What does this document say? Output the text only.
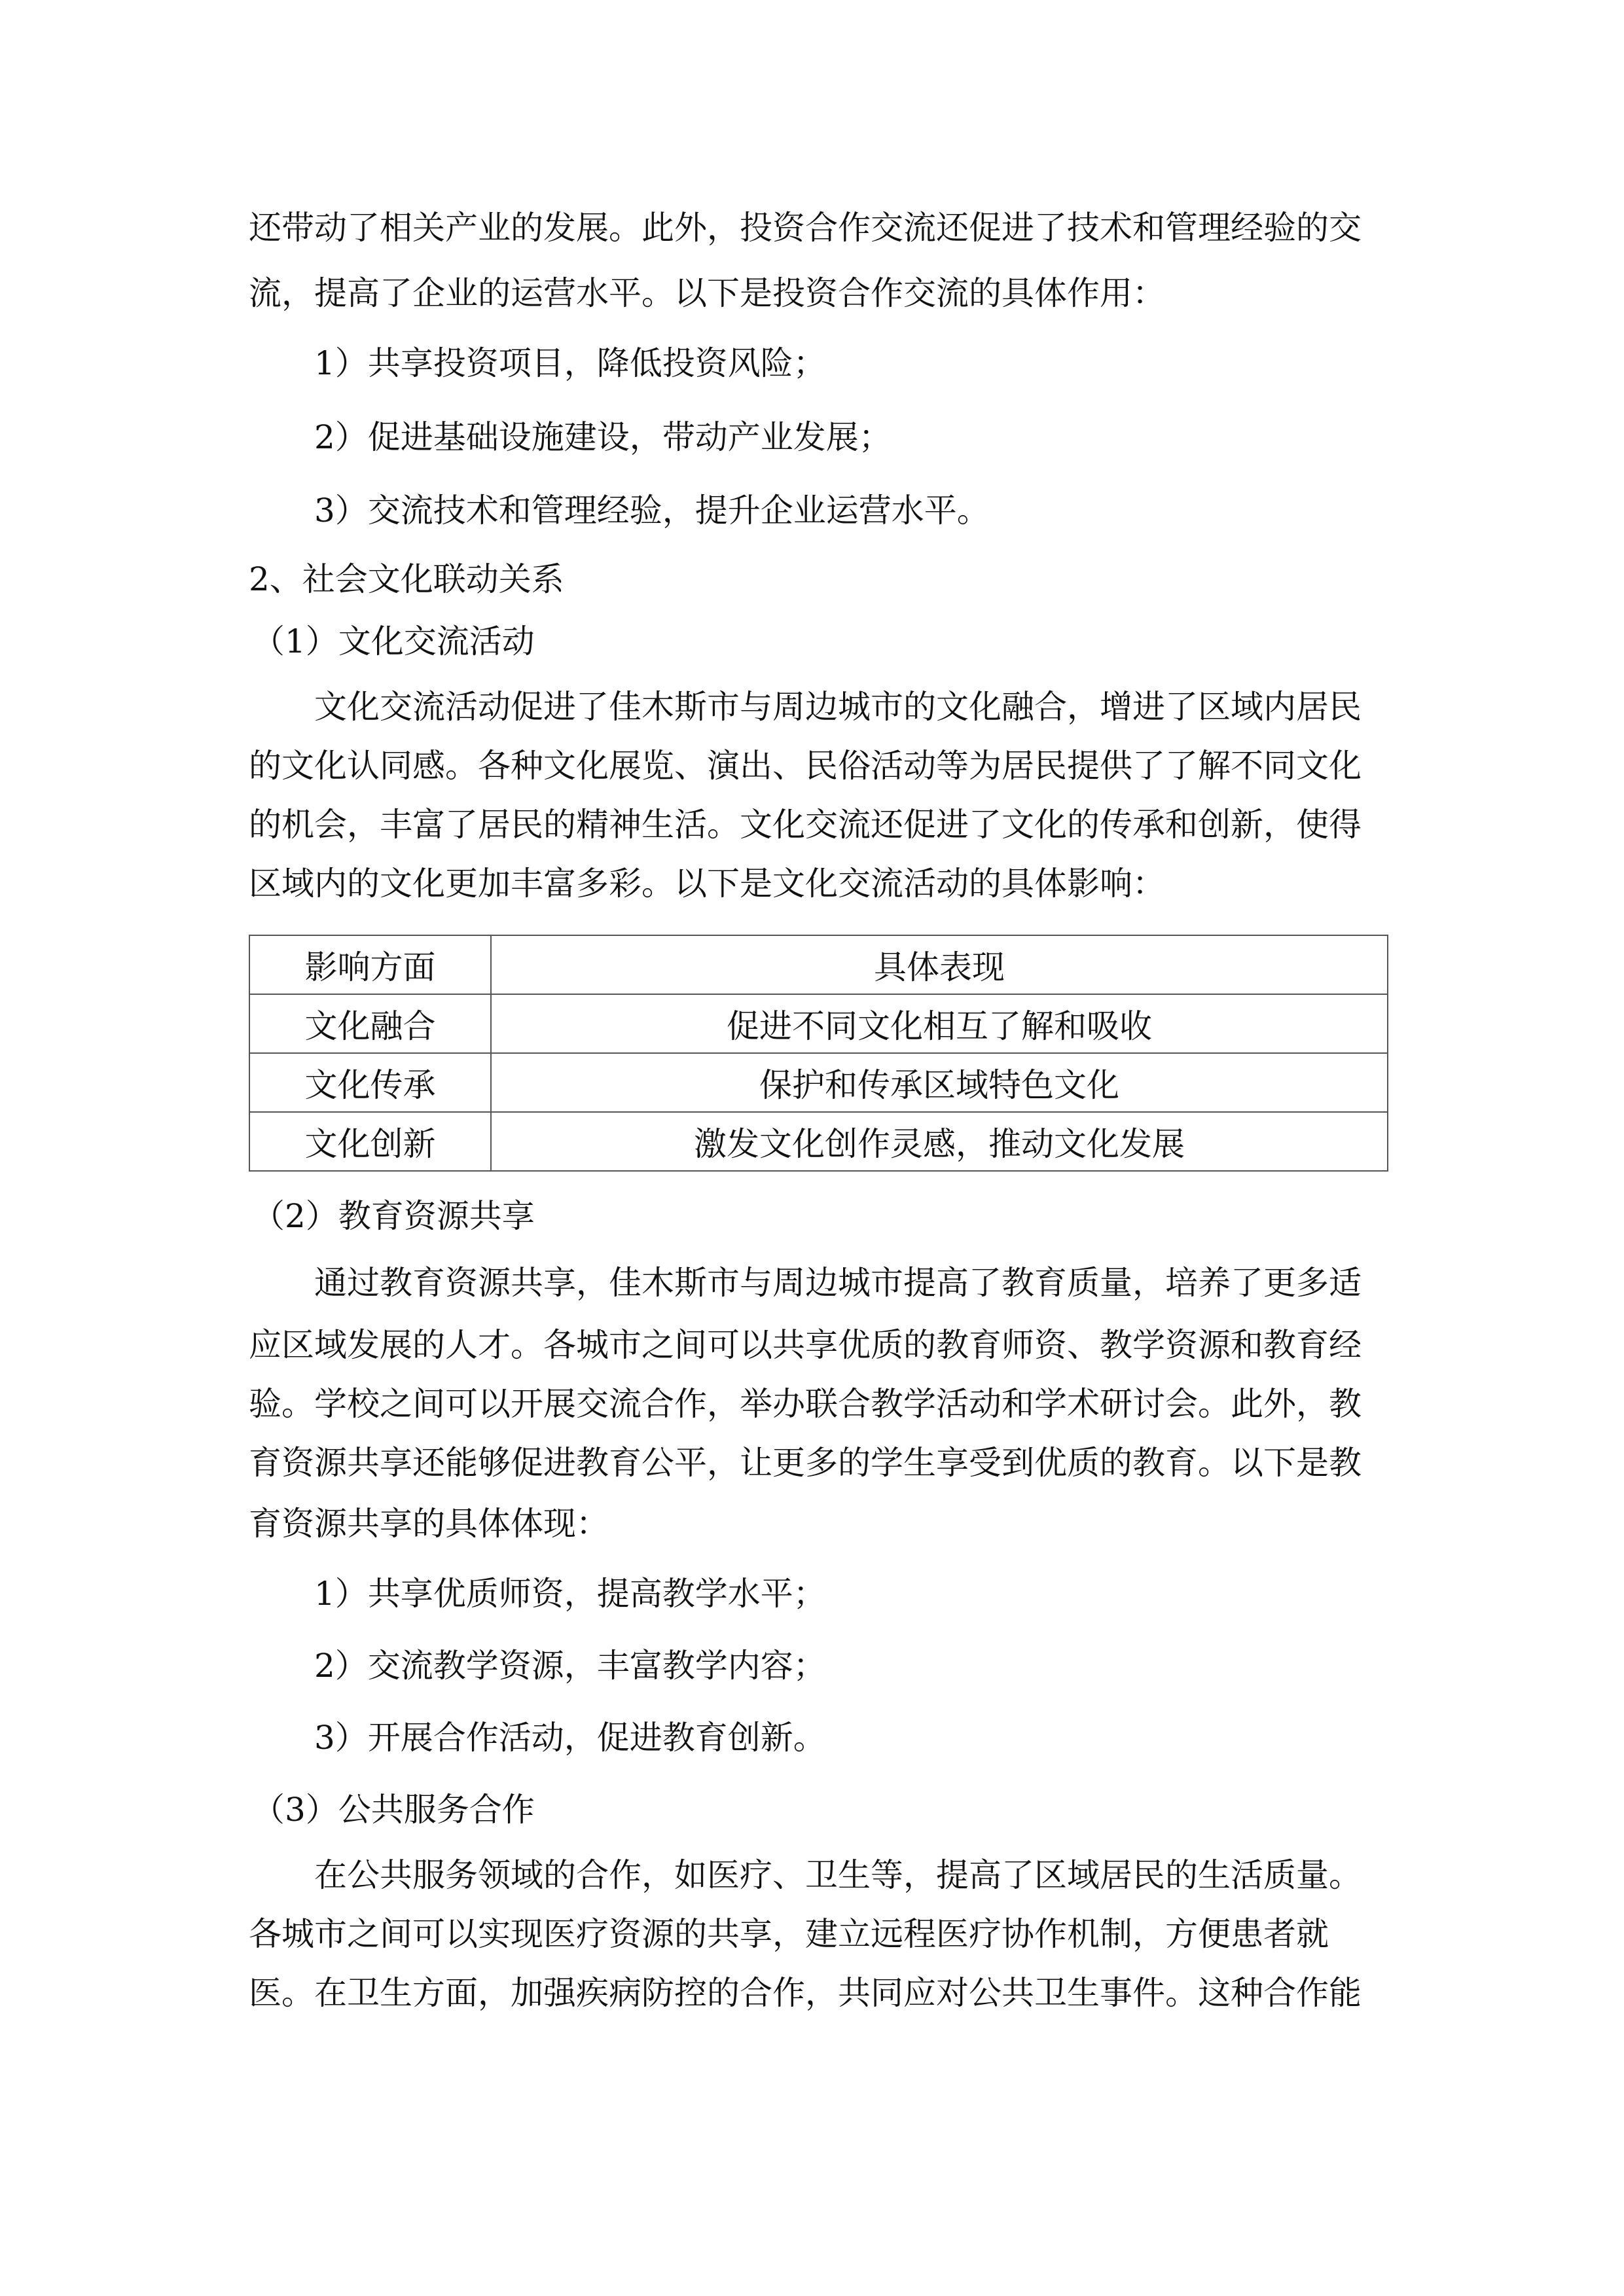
还带动了相关产业的发展。此外，投资合作交流还促进了技术和管理经验的交
流，提高了企业的运营水平。以下是投资合作交流的具体作用：
1）共享投资项目，降低投资风险；
2）促进基础设施建设，带动产业发展；
3）交流技术和管理经验，提升企业运营水平。
2、社会文化联动关系
（1）文化交流活动
文化交流活动促进了佳木斯市与周边城市的文化融合，增进了区域内居民
的文化认同感。各种文化展览、演出、民俗活动等为居民提供了了解不同文化
的机会，丰富了居民的精神生活。文化交流还促进了文化的传承和创新，使得
区域内的文化更加丰富多彩。以下是文化交流活动的具体影响：
影响方面	具体表现
文化融合	促进不同文化相互了解和吸收
文化传承	保护和传承区域特色文化
文化创新	激发文化创作灵感，推动文化发展
（2）教育资源共享
通过教育资源共享，佳木斯市与周边城市提高了教育质量，培养了更多适
应区域发展的人才。各城市之间可以共享优质的教育师资、教学资源和教育经
验。学校之间可以开展交流合作，举办联合教学活动和学术研讨会。此外，教
育资源共享还能够促进教育公平，让更多的学生享受到优质的教育。以下是教
育资源共享的具体体现：
1）共享优质师资，提高教学水平；
2）交流教学资源，丰富教学内容；
3）开展合作活动，促进教育创新。
（3）公共服务合作
在公共服务领域的合作，如医疗、卫生等，提高了区域居民的生活质量。
各城市之间可以实现医疗资源的共享，建立远程医疗协作机制，方便患者就
医。在卫生方面，加强疾病防控的合作，共同应对公共卫生事件。这种合作能
